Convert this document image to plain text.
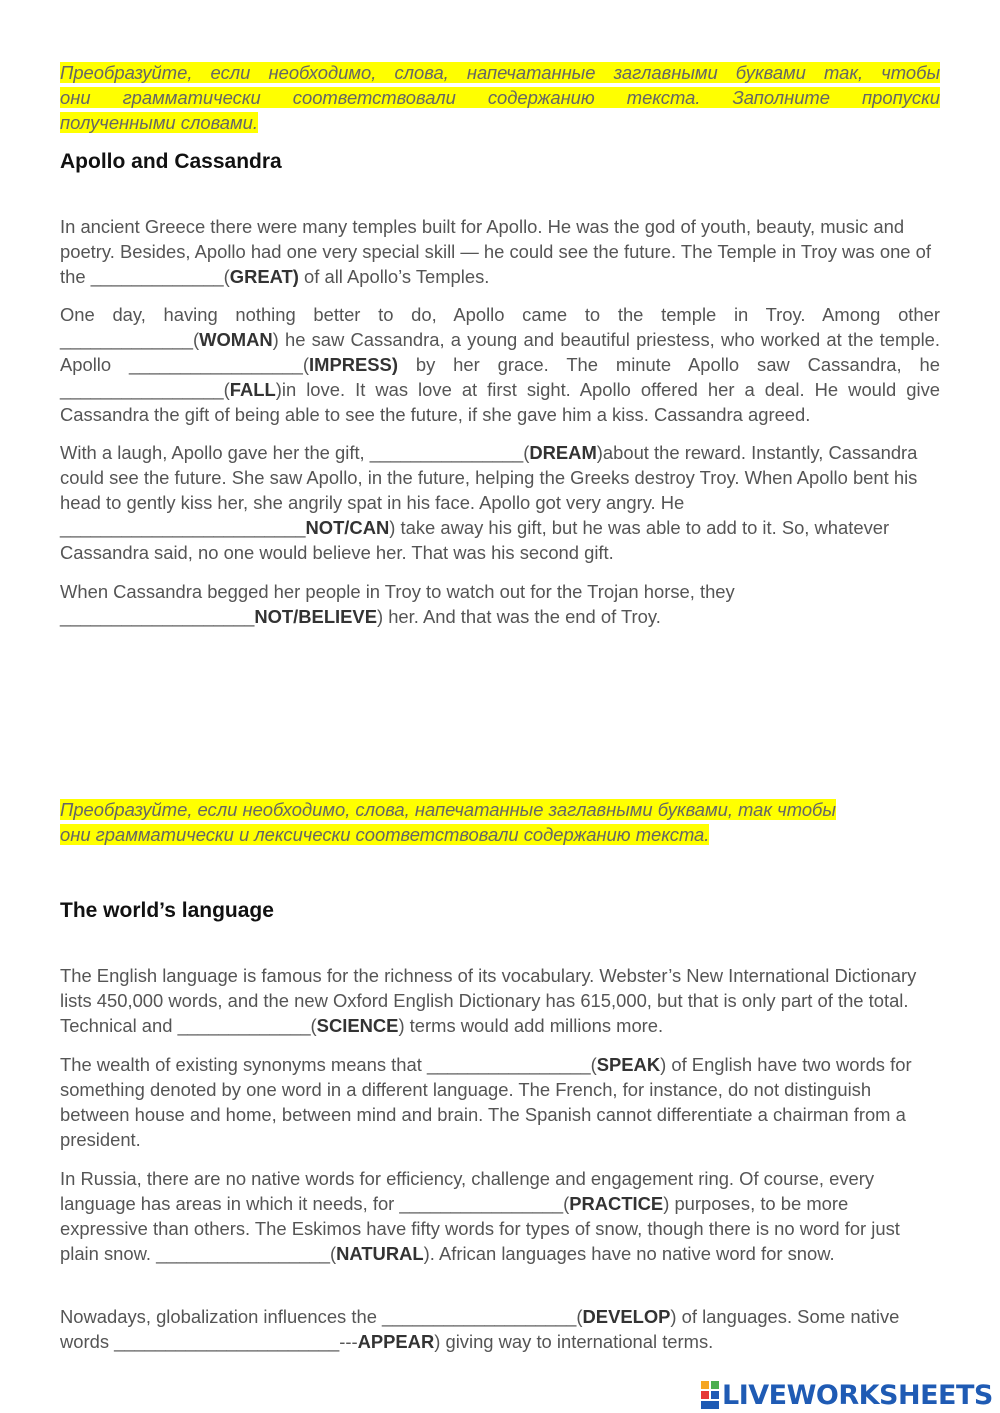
Преобразуйте, если необходимо, слова, напечатанные заглавными буквами так, чтобы
они грамматически соответствовали содержанию текста. Заполните пропуски
полученными словами.
Apollo and Cassandra

In ancient Greece there were many temples built for Apollo. He was the god of youth, beauty, music and poetry. Besides, Apollo had one very special skill — he could see the future. The Temple in Troy was one of the _____________(GREAT) of all Apollo’s Temples.

One day, having nothing better to do, Apollo came to the temple in Troy. Among other _____________(WOMAN) he saw Cassandra, a young and beautiful priestess, who worked at the temple. Apollo _________________(IMPRESS) by her grace. The minute Apollo saw Cassandra, he ________________(FALL)in love. It was love at first sight. Apollo offered her a deal. He would give Cassandra the gift of being able to see the future, if she gave him a kiss. Cassandra agreed.

With a laugh, Apollo gave her the gift, _______________(DREAM)about the reward. Instantly, Cassandra could see the future. She saw Apollo, in the future, helping the Greeks destroy Troy. When Apollo bent his head to gently kiss her, she angrily spat in his face. Apollo got very angry. He ________________________NOT/CAN) take away his gift, but he was able to add to it. So, whatever Cassandra said, no one would believe her. That was his second gift.

When Cassandra begged her people in Troy to watch out for the Trojan horse, they ___________________NOT/BELIEVE) her. And that was the end of Troy.

Преобразуйте, если необходимо, слова, напечатанные заглавными буквами, так чтобы
они грамматически и лексически соответствовали содержанию текста.
The world’s language

The English language is famous for the richness of its vocabulary. Webster’s New International Dictionary lists 450,000 words, and the new Oxford English Dictionary has 615,000, but that is only part of the total. Technical and _____________(SCIENCE) terms would add millions more.

The wealth of existing synonyms means that ________________(SPEAK) of English have two words for something denoted by one word in a different language. The French, for instance, do not distinguish between house and home, between mind and brain. The Spanish cannot differentiate a chairman from a president.

In Russia, there are no native words for efficiency, challenge and engagement ring. Of course, every language has areas in which it needs, for ________________(PRACTICE) purposes, to be more expressive than others. The Eskimos have fifty words for types of snow, though there is no word for just plain snow. _________________(NATURAL). African languages have no native word for snow.

Nowadays, globalization influences the ___________________(DEVELOP) of languages. Some native words ______________________---APPEAR) giving way to international terms.

LIVEWORKSHEETS
